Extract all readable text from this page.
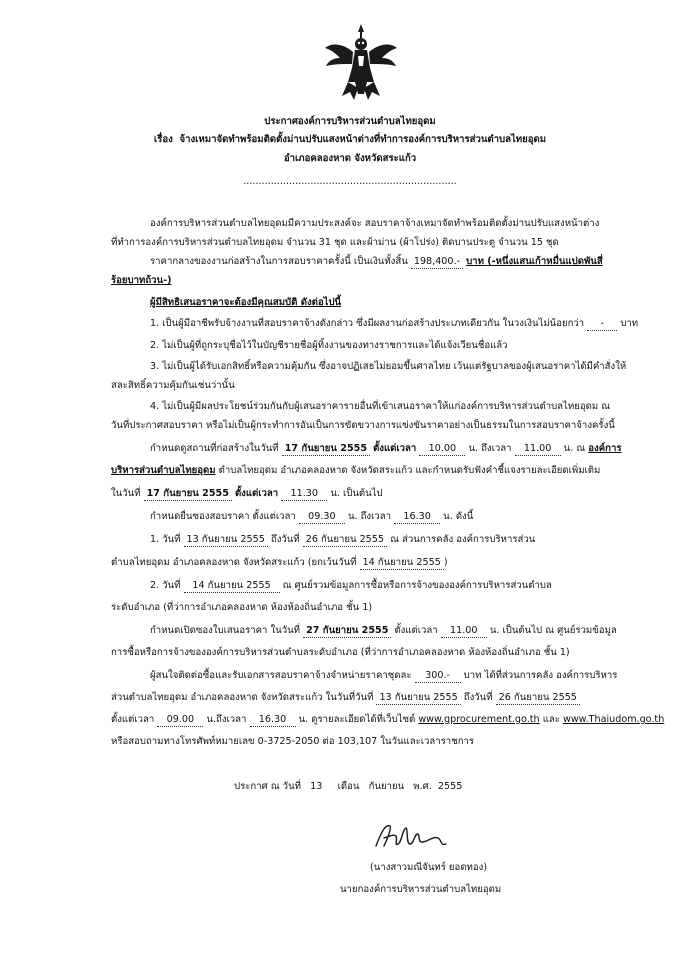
ประกาศองค์การบริหารส่วนตำบลไทยอุดม
เรื่อง จ้างเหมาจัดทำพร้อมติดตั้งม่านปรับแสงหน้าต่างที่ทำการองค์การบริหารส่วนตำบลไทยอุดม
อำเภอคลองหาด จังหวัดสระแก้ว
......................................................................
องค์การบริหารส่วนตำบลไทยอุดมมีความประสงค์จะ สอบราคาจ้างเหมาจัดทำพร้อมติดตั้งม่านปรับแสงหน้าต่าง
ที่ทำการองค์การบริหารส่วนตำบลไทยอุดม จำนวน 31 ชุด และผ้าม่าน (ผ้าโปร่ง) ติดบานประตู จำนวน 15 ชุด
ราคากลางของงานก่อสร้างในการสอบราคาครั้งนี้ เป็นเงินทั้งสิ้น 198,400.- บาท (-หนึ่งแสนเก้าหมื่นแปดพันสี่
ร้อยบาทถ้วน-)
ผู้มีสิทธิเสนอราคาจะต้องมีคุณสมบัติ ดังต่อไปนี้
1. เป็นผู้มีอาชีพรับจ้างงานที่สอบราคาจ้างดังกล่าว ซึ่งมีผลงานก่อสร้างประเภทเดียวกัน ในวงเงินไม่น้อยกว่า - บาท
2. ไม่เป็นผู้ที่ถูกระบุชื่อไว้ในบัญชีรายชื่อผู้ทิ้งงานของทางราชการและได้แจ้งเวียนชื่อแล้ว
3. ไม่เป็นผู้ได้รับเอกสิทธิ์หรือความคุ้มกัน ซึ่งอาจปฏิเสธไม่ยอมขึ้นศาลไทย เว้นแต่รัฐบาลของผู้เสนอราคาได้มีคำสั่งให้
สละสิทธิ์ความคุ้มกันเช่นว่านั้น
4. ไม่เป็นผู้มีผลประโยชน์ร่วมกันกับผู้เสนอราคารายอื่นที่เข้าเสนอราคาให้แก่องค์การบริหารส่วนตำบลไทยอุดม ณ
วันที่ประกาศสอบราคา หรือไม่เป็นผู้กระทำการอันเป็นการขัดขวางการแข่งขันราคาอย่างเป็นธรรมในการสอบราคาจ้างครั้งนี้
กำหนดดูสถานที่ก่อสร้างในวันที่ 17 กันยายน 2555 ตั้งแต่เวลา 10.00 น. ถึงเวลา 11.00 น. ณ องค์การ
บริหารส่วนตำบลไทยอุดม ตำบลไทยอุดม อำเภอคลองหาด จังหวัดสระแก้ว และกำหนดรับฟังคำชี้แจงรายละเอียดเพิ่มเติม
ในวันที่ 17 กันยายน 2555 ตั้งแต่เวลา 11.30 น. เป็นต้นไป
กำหนดยื่นซองสอบราคา ตั้งแต่เวลา 09.30 น. ถึงเวลา 16.30 น. ดังนี้
1. วันที่ 13 กันยายน 2555 ถึงวันที่ 26 กันยายน 2555 ณ ส่วนการคลัง องค์การบริหารส่วน
ตำบลไทยอุดม อำเภอคลองหาด จังหวัดสระแก้ว (ยกเว้นวันที่ 14 กันยายน 2555 )
2. วันที่ 14 กันยายน 2555 ณ ศูนย์รวมข้อมูลการซื้อหรือการจ้างขององค์การบริหารส่วนตำบล
ระดับอำเภอ (ที่ว่าการอำเภอคลองหาด ห้องห้องถิ่นอำเภอ ชั้น 1)
กำหนดเปิดซองใบเสนอราคา ในวันที่ 27 กันยายน 2555 ตั้งแต่เวลา 11.00 น. เป็นต้นไป ณ ศูนย์รวมข้อมูล
การซื้อหรือการจ้างขององค์การบริหารส่วนตำบลระดับอำเภอ (ที่ว่าการอำเภอคลองหาด ห้องห้องถิ่นอำเภอ ชั้น 1)
ผู้สนใจติดต่อซื้อและรับเอกสารสอบราคาจ้างจำหน่ายราคาชุดละ 300.- บาท ได้ที่ส่วนการคลัง องค์การบริหาร
ส่วนตำบลไทยอุดม อำเภอคลองหาด จังหวัดสระแก้ว ในวันที่วันที่ 13 กันยายน 2555 ถึงวันที่ 26 กันยายน 2555
ตั้งแต่เวลา 09.00 น.ถึงเวลา 16.30 น. ดูรายละเอียดได้ที่เว็บไซต์ www.gprocurement.go.th และ www.Thaiudom.go.th
หรือสอบถามทางโทรศัพท์หมายเลข 0-3725-2050 ต่อ 103,107 ในวันและเวลาราชการ
ประกาศ ณ วันที่ 13 เดือน กันยายน พ.ศ. 2555
(นางสาวมณีจันทร์ ยอดทอง)
นายกองค์การบริหารส่วนตำบลไทยอุดม
